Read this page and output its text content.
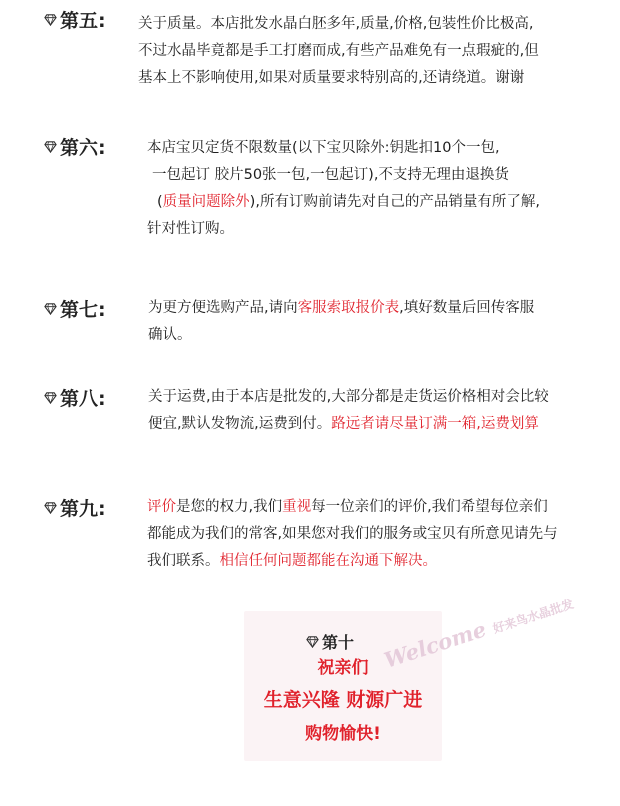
第五: 关于质量。本店批发水晶白胚多年,质量,价格,包装性价比极高,
不过水晶毕竟都是手工打磨而成,有些产品难免有一点瑕疵的,但
基本上不影响使用,如果对质量要求特别高的,还请绕道。谢谢
第六:	本店宝贝定货不限数量(以下宝贝除外:钥匙扣10个一包,
一包起订 胶片50张一包,一包起订),不支持无理由退换货
(质量问题除外),所有订购前请先对自己的产品销量有所了解,
针对性订购。
第七:	为更方便选购产品,请向客服索取报价表,填好数量后回传客服
确认。
第八:	关于运费,由于本店是批发的,大部分都是走货运价格相对会比较
便宜,默认发物流,运费到付。路远者请尽量订满一箱,运费划算
第九:	评价是您的权力,我们重视每一位亲们的评价,我们希望每位亲们
都能成为我们的常客,如果您对我们的服务或宝贝有所意见请先与
我们联系。相信任何问题都能在沟通下解决。
第十
祝亲们
生意兴隆 财源广进
购物愉快!
Welcome 好来鸟水晶批发
